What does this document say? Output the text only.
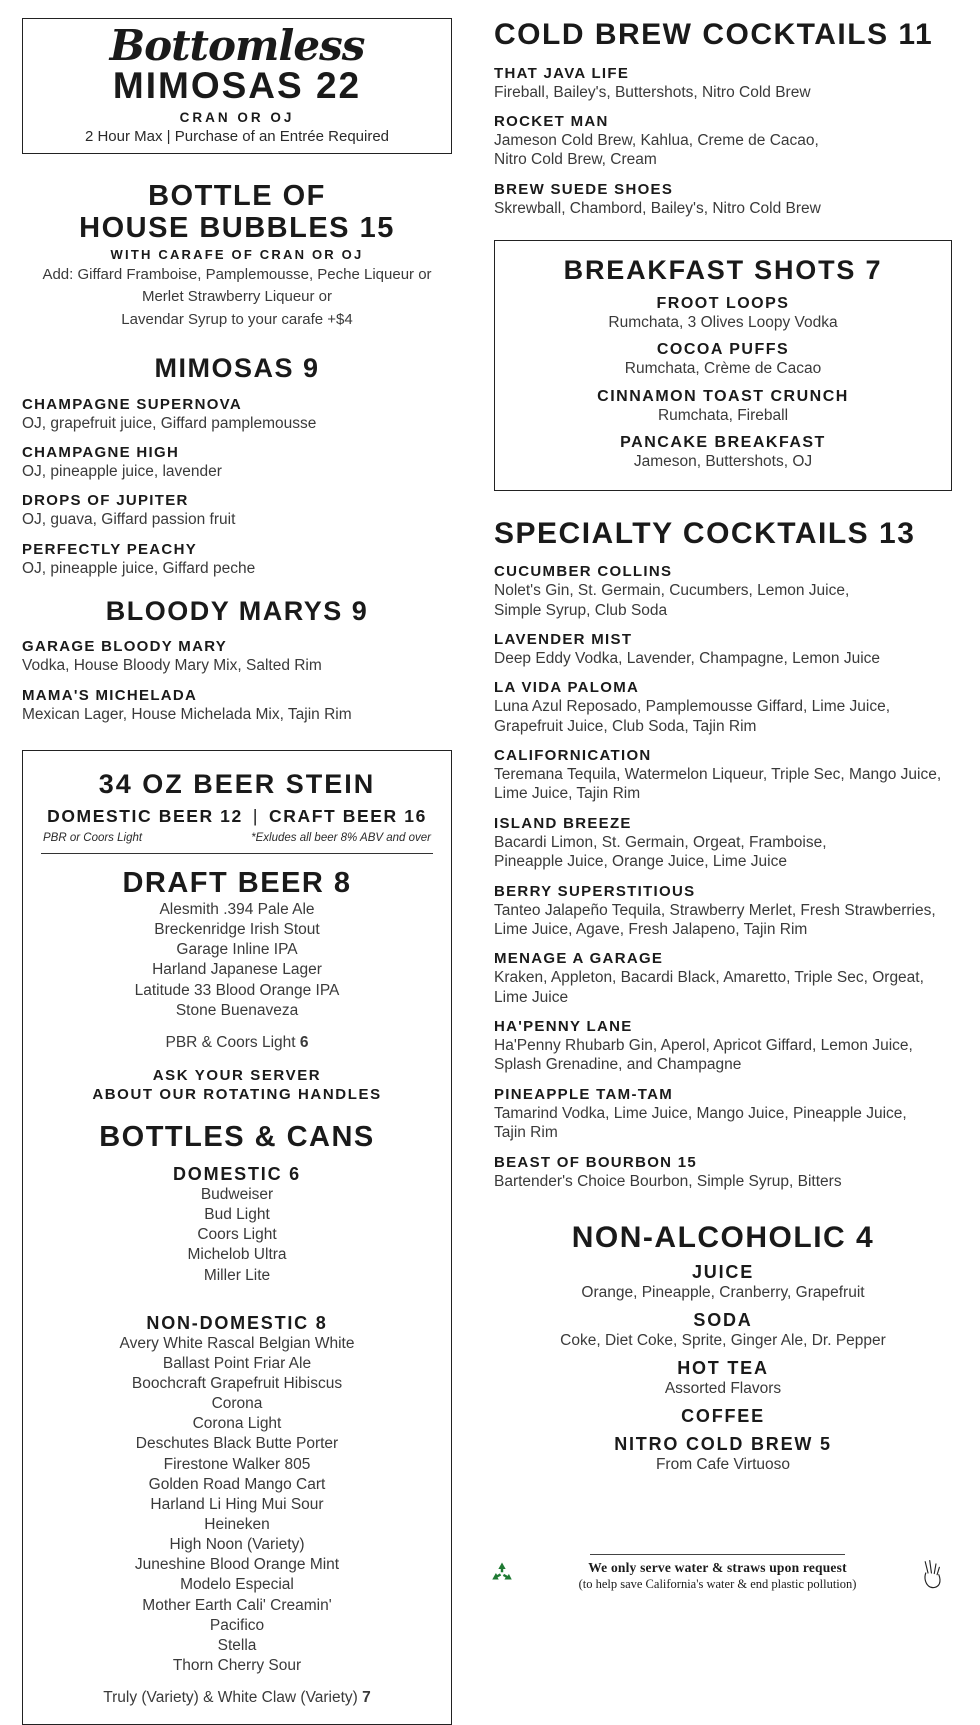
Bottomless
MIMOSAS 22
CRAN OR OJ
2 Hour Max | Purchase of an Entrée Required
BOTTLE OF
HOUSE BUBBLES 15
WITH CARAFE OF CRAN OR OJ
Add: Giffard Framboise, Pamplemousse, Peche Liqueur or
Merlet Strawberry Liqueur or
Lavendar Syrup to your carafe +$4
MIMOSAS 9
CHAMPAGNE SUPERNOVA
OJ, grapefruit juice, Giffard pamplemousse
CHAMPAGNE HIGH
OJ, pineapple juice, lavender
DROPS OF JUPITER
OJ, guava, Giffard passion fruit
PERFECTLY PEACHY
OJ, pineapple juice, Giffard peche
BLOODY MARYS 9
GARAGE BLOODY MARY
Vodka, House Bloody Mary Mix, Salted Rim
MAMA'S MICHELADA
Mexican Lager, House Michelada Mix, Tajin Rim
34 OZ BEER STEIN
DOMESTIC BEER 12 | CRAFT BEER 16
PBR or Coors Light	*Exludes all beer 8% ABV and over
DRAFT BEER 8
Alesmith .394 Pale Ale
Breckenridge Irish Stout
Garage Inline IPA
Harland Japanese Lager
Latitude 33 Blood Orange IPA
Stone Buenaveza
PBR & Coors Light 6
ASK YOUR SERVER
ABOUT OUR ROTATING HANDLES
BOTTLES & CANS
DOMESTIC 6
Budweiser
Bud Light
Coors Light
Michelob Ultra
Miller Lite
NON-DOMESTIC 8
Avery White Rascal Belgian White
Ballast Point Friar Ale
Boochcraft Grapefruit Hibiscus
Corona
Corona Light
Deschutes Black Butte Porter
Firestone Walker 805
Golden Road Mango Cart
Harland Li Hing Mui Sour
Heineken
High Noon (Variety)
Juneshine Blood Orange Mint
Modelo Especial
Mother Earth Cali' Creamin'
Pacifico
Stella
Thorn Cherry Sour
Truly (Variety) & White Claw (Variety) 7
COLD BREW COCKTAILS 11
THAT JAVA LIFE
Fireball, Bailey's, Buttershots, Nitro Cold Brew
ROCKET MAN
Jameson Cold Brew, Kahlua, Creme de Cacao,
Nitro Cold Brew, Cream
BREW SUEDE SHOES
Skrewball, Chambord, Bailey's, Nitro Cold Brew
BREAKFAST SHOTS 7
FROOT LOOPS
Rumchata, 3 Olives Loopy Vodka
COCOA PUFFS
Rumchata, Crème de Cacao
CINNAMON TOAST CRUNCH
Rumchata, Fireball
PANCAKE BREAKFAST
Jameson, Buttershots, OJ
SPECIALTY COCKTAILS 13
CUCUMBER COLLINS
Nolet's Gin, St. Germain, Cucumbers, Lemon Juice,
Simple Syrup, Club Soda
LAVENDER MIST
Deep Eddy Vodka, Lavender, Champagne, Lemon Juice
LA VIDA PALOMA
Luna Azul Reposado, Pamplemousse Giffard, Lime Juice,
Grapefruit Juice, Club Soda, Tajin Rim
CALIFORNICATION
Teremana Tequila, Watermelon Liqueur, Triple Sec, Mango Juice,
Lime Juice, Tajin Rim
ISLAND BREEZE
Bacardi Limon, St. Germain, Orgeat, Framboise,
Pineapple Juice, Orange Juice, Lime Juice
BERRY SUPERSTITIOUS
Tanteo Jalapeño Tequila, Strawberry Merlet, Fresh Strawberries,
Lime Juice, Agave, Fresh Jalapeno, Tajin Rim
MENAGE A GARAGE
Kraken, Appleton, Bacardi Black, Amaretto, Triple Sec, Orgeat,
Lime Juice
HA'PENNY LANE
Ha'Penny Rhubarb Gin, Aperol, Apricot Giffard, Lemon Juice,
Splash Grenadine, and Champagne
PINEAPPLE TAM-TAM
Tamarind Vodka, Lime Juice, Mango Juice, Pineapple Juice,
Tajin Rim
BEAST OF BOURBON 15
Bartender's Choice Bourbon, Simple Syrup, Bitters
NON-ALCOHOLIC 4
JUICE
Orange, Pineapple, Cranberry, Grapefruit
SODA
Coke, Diet Coke, Sprite, Ginger Ale, Dr. Pepper
HOT TEA
Assorted Flavors
COFFEE
NITRO COLD BREW 5
From Cafe Virtuoso
We only serve water & straws upon request
(to help save California's water & end plastic pollution)
